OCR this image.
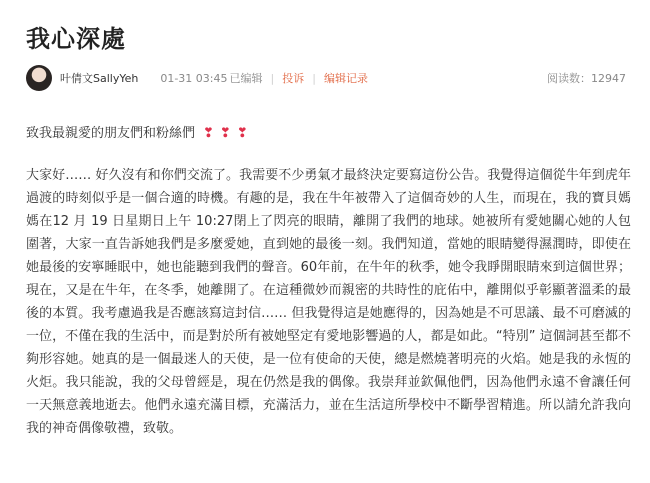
我心深處
叶倩文SallyYeh 01-31 03:45 已编辑 | 投诉 | 编辑记录	阅读数：12947

致我最親愛的朋友們和粉絲們 ❣ ❣ ❣

大家好…… 好久沒有和你們交流了。我需要不少勇氣才最終決定要寫這份公告。我覺得這個從牛年到虎年過渡的時刻似乎是一個合適的時機。有趣的是，我在牛年被帶入了這個奇妙的人生，而現在，我的寶貝媽媽在12 月 19 日星期日上午 10:27閉上了閃亮的眼睛，離開了我們的地球。她被所有愛她關心她的人包圍著，大家一直告訴她我們是多麼愛她，直到她的最後一刻。我們知道，當她的眼睛變得濕潤時，即使在她最後的安寧睡眠中，她也能聽到我們的聲音。60年前，在牛年的秋季，她令我睜開眼睛來到這個世界；現在，又是在牛年，在冬季，她離開了。在這種微妙而親密的共時性的庇佑中，離開似乎彰顯著溫柔的最後的本質。我考慮過我是否應該寫這封信…… 但我覺得這是她應得的，因為她是不可思議、最不可磨滅的一位，不僅在我的生活中，而是對於所有被她堅定有愛地影響過的人，都是如此。“特別” 這個詞甚至都不夠形容她。她真的是一個最迷人的天使，是一位有使命的天使，總是燃燒著明亮的火焰。她是我的永恆的火炬。我只能說，我的父母曾經是，現在仍然是我的偶像。我崇拜並欽佩他們，因為他們永遠不會讓任何一天無意義地逝去。他們永遠充滿目標，充滿活力，並在生活這所學校中不斷學習精進。所以請允許我向我的神奇偶像敬禮，致敬。
